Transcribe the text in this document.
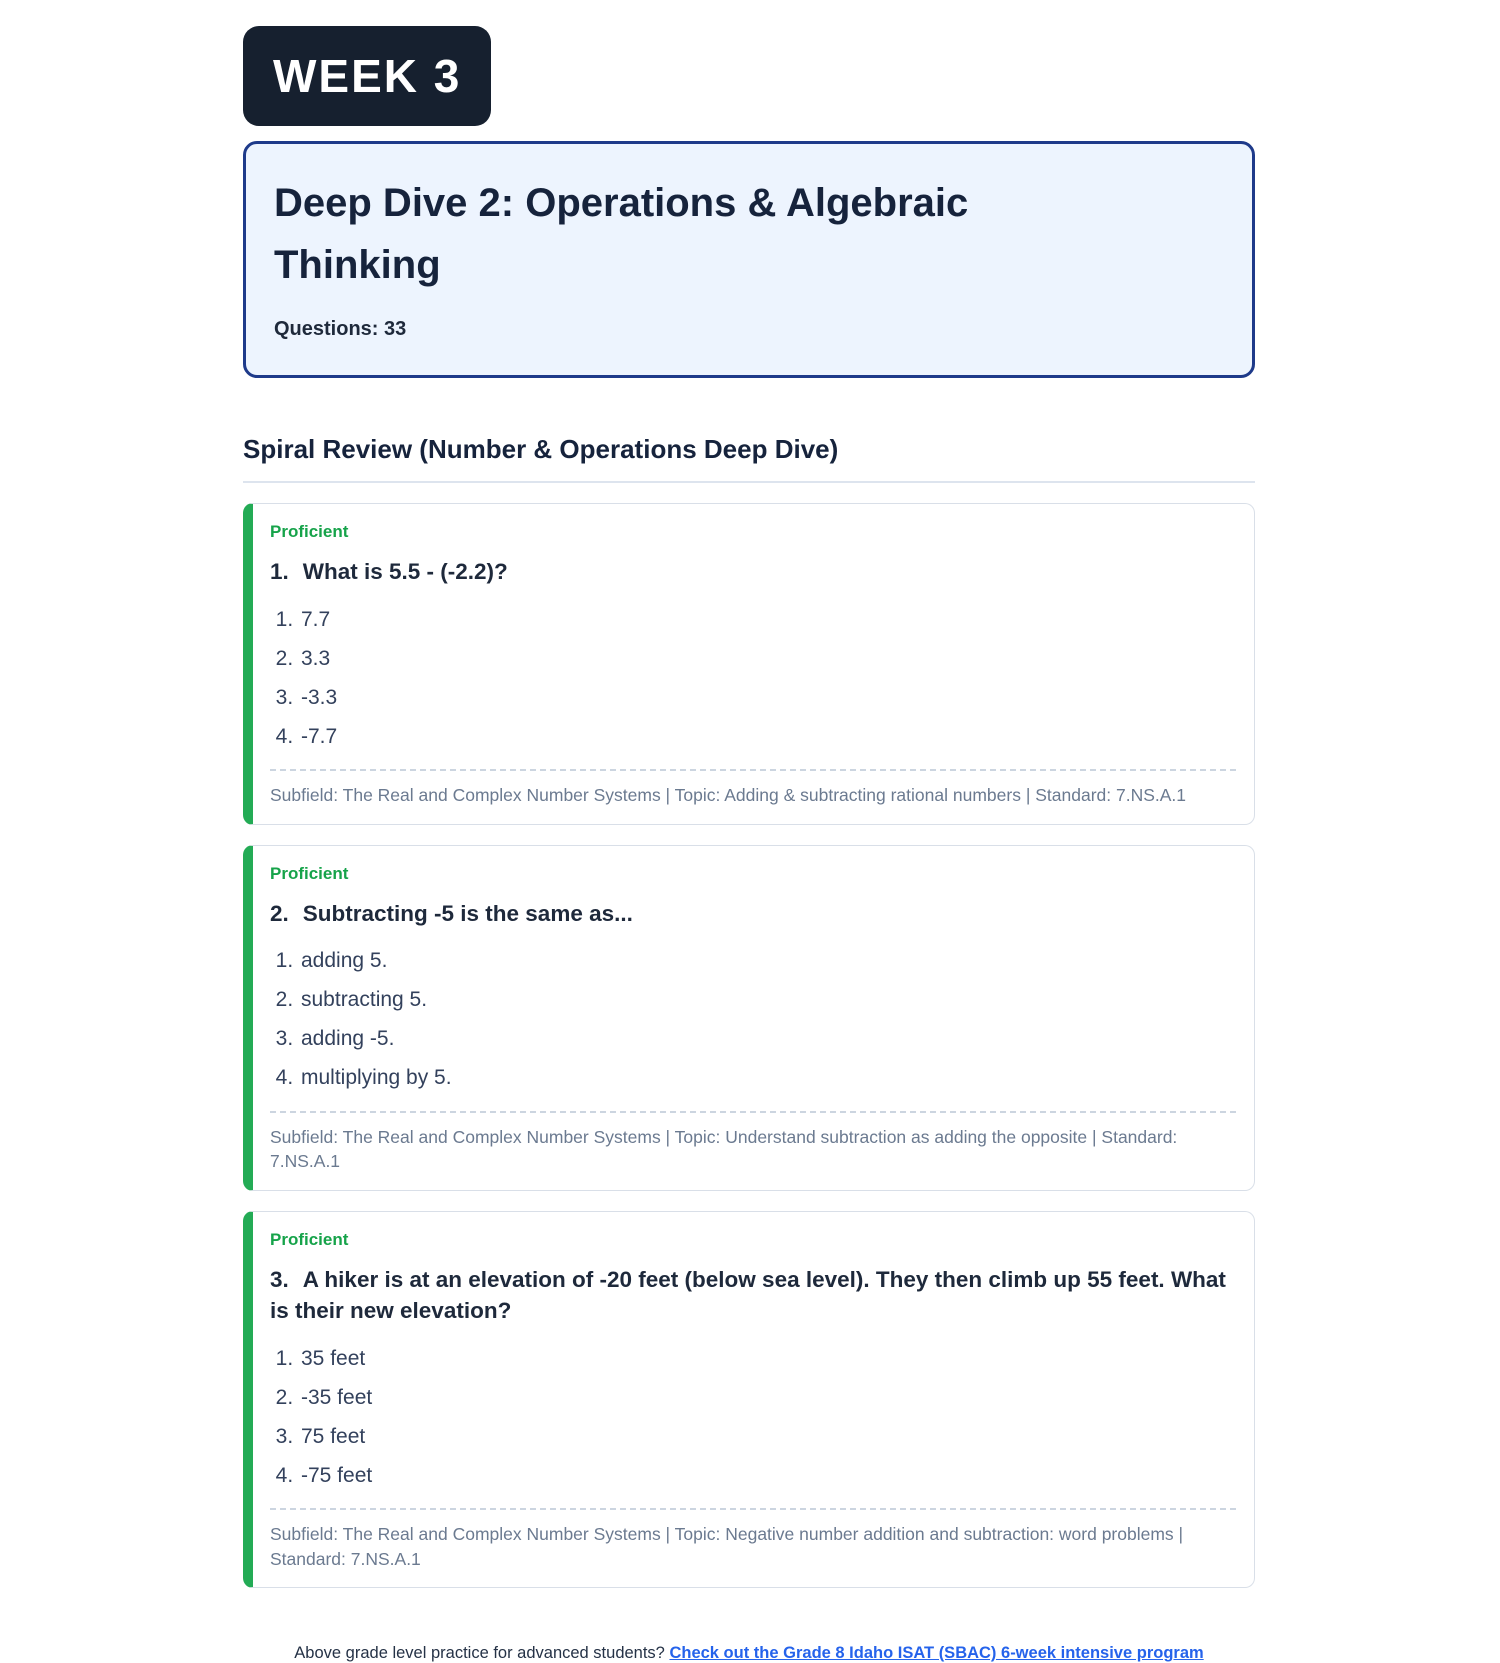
WEEK 3
Deep Dive 2: Operations & Algebraic Thinking

Questions: 33

Spiral Review (Number & Operations Deep Dive)

Proficient

1. What is 5.5 - (-2.2)?

1. 7.7
2. 3.3
3. -3.3
4. -7.7

Subfield: The Real and Complex Number Systems | Topic: Adding & subtracting rational numbers | Standard: 7.NS.A.1

Proficient

2. Subtracting -5 is the same as...

1. adding 5.
2. subtracting 5.
3. adding -5.
4. multiplying by 5.

Subfield: The Real and Complex Number Systems | Topic: Understand subtraction as adding the opposite | Standard: 7.NS.A.1

Proficient

3. A hiker is at an elevation of -20 feet (below sea level). They then climb up 55 feet. What is their new elevation?

1. 35 feet
2. -35 feet
3. 75 feet
4. -75 feet

Subfield: The Real and Complex Number Systems | Topic: Negative number addition and subtraction: word problems | Standard: 7.NS.A.1

Above grade level practice for advanced students? Check out the Grade 8 Idaho ISAT (SBAC) 6-week intensive program
